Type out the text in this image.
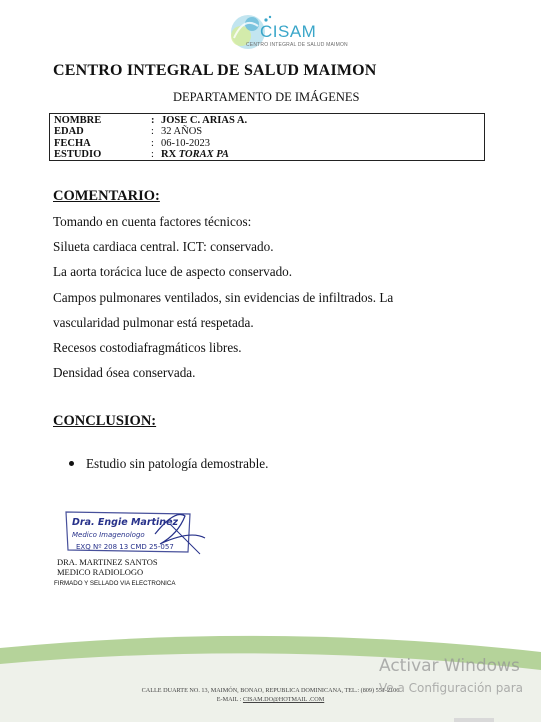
CISAM
CENTRO INTEGRAL DE SALUD MAIMON
CENTRO INTEGRAL DE SALUD MAIMON
DEPARTAMENTO DE IMÁGENES
NOMBRE	: JOSE C. ARIAS A.
EDAD	: 32 AÑOS
FECHA	: 06-10-2023
ESTUDIO	: RX TORAX PA
COMENTARIO:
Tomando en cuenta factores técnicos:
Silueta cardiaca central. ICT: conservado.
La aorta torácica luce de aspecto conservado.
Campos pulmonares ventilados, sin evidencias de infiltrados. La
vascularidad pulmonar está respetada.
Recesos costodiafragmáticos libres.
Densidad ósea conservada.
CONCLUSION:
Estudio sin patología demostrable.
Dra. Engie Martinez
Medico Imagenologo
EXQ Nº 208 13 CMD 25-057
DRA. MARTINEZ SANTOS
MEDICO RADIOLOGO
FIRMADO Y SELLADO VIA ELECTRONICA
CALLE DUARTE NO. 13, MAIMÓN, BONAO, REPUBLICA DOMINICANA, TEL.: (809) 551-2106
E-MAIL : CISAM.DO@HOTMAIL .COM
Activar Windows
Ve a Configuración para
